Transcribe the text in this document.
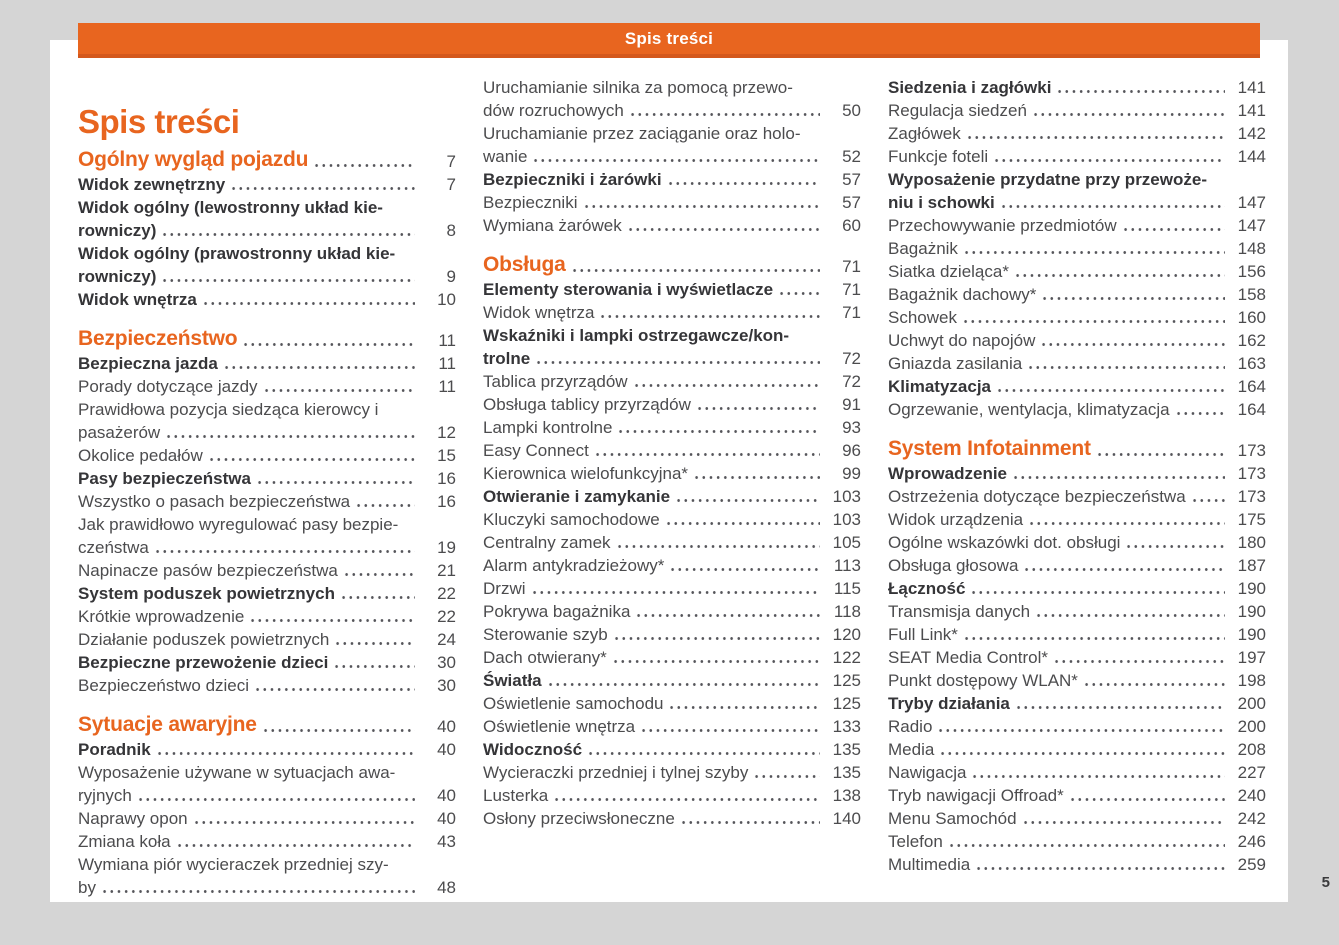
Spis treści
Spis treści
Ogólny wygląd pojazdu	7
Widok zewnętrzny	7
Widok ogólny (lewostronny układ kie-
rowniczy)	8
Widok ogólny (prawostronny układ kie-
rowniczy)	9
Widok wnętrza	10
Bezpieczeństwo	11
Bezpieczna jazda	11
Porady dotyczące jazdy	11
Prawidłowa pozycja siedząca kierowcy i
pasażerów	12
Okolice pedałów	15
Pasy bezpieczeństwa	16
Wszystko o pasach bezpieczeństwa	16
Jak prawidłowo wyregulować pasy bezpie-
czeństwa	19
Napinacze pasów bezpieczeństwa	21
System poduszek powietrznych	22
Krótkie wprowadzenie	22
Działanie poduszek powietrznych	24
Bezpieczne przewożenie dzieci	30
Bezpieczeństwo dzieci	30
Sytuacje awaryjne	40
Poradnik	40
Wyposażenie używane w sytuacjach awa-
ryjnych	40
Naprawy opon	40
Zmiana koła	43
Wymiana piór wycieraczek przedniej szy-
by	48
Uruchamianie silnika za pomocą przewo-
dów rozruchowych	50
Uruchamianie przez zaciąganie oraz holo-
wanie	52
Bezpieczniki i żarówki	57
Bezpieczniki	57
Wymiana żarówek	60
Obsługa	71
Elementy sterowania i wyświetlacze	71
Widok wnętrza	71
Wskaźniki i lampki ostrzegawcze/kon-
trolne	72
Tablica przyrządów	72
Obsługa tablicy przyrządów	91
Lampki kontrolne	93
Easy Connect	96
Kierownica wielofunkcyjna*	99
Otwieranie i zamykanie	103
Kluczyki samochodowe	103
Centralny zamek	105
Alarm antykradzieżowy*	113
Drzwi	115
Pokrywa bagażnika	118
Sterowanie szyb	120
Dach otwierany*	122
Światła	125
Oświetlenie samochodu	125
Oświetlenie wnętrza	133
Widoczność	135
Wycieraczki przedniej i tylnej szyby	135
Lusterka	138
Osłony przeciwsłoneczne	140
Siedzenia i zagłówki	141
Regulacja siedzeń	141
Zagłówek	142
Funkcje foteli	144
Wyposażenie przydatne przy przewoże-
niu i schowki	147
Przechowywanie przedmiotów	147
Bagażnik	148
Siatka dzieląca*	156
Bagażnik dachowy*	158
Schowek	160
Uchwyt do napojów	162
Gniazda zasilania	163
Klimatyzacja	164
Ogrzewanie, wentylacja, klimatyzacja	164
System Infotainment	173
Wprowadzenie	173
Ostrzeżenia dotyczące bezpieczeństwa	173
Widok urządzenia	175
Ogólne wskazówki dot. obsługi	180
Obsługa głosowa	187
Łączność	190
Transmisja danych	190
Full Link*	190
SEAT Media Control*	197
Punkt dostępowy WLAN*	198
Tryby działania	200
Radio	200
Media	208
Nawigacja	227
Tryb nawigacji Offroad*	240
Menu Samochód	242
Telefon	246
Multimedia	259
5
